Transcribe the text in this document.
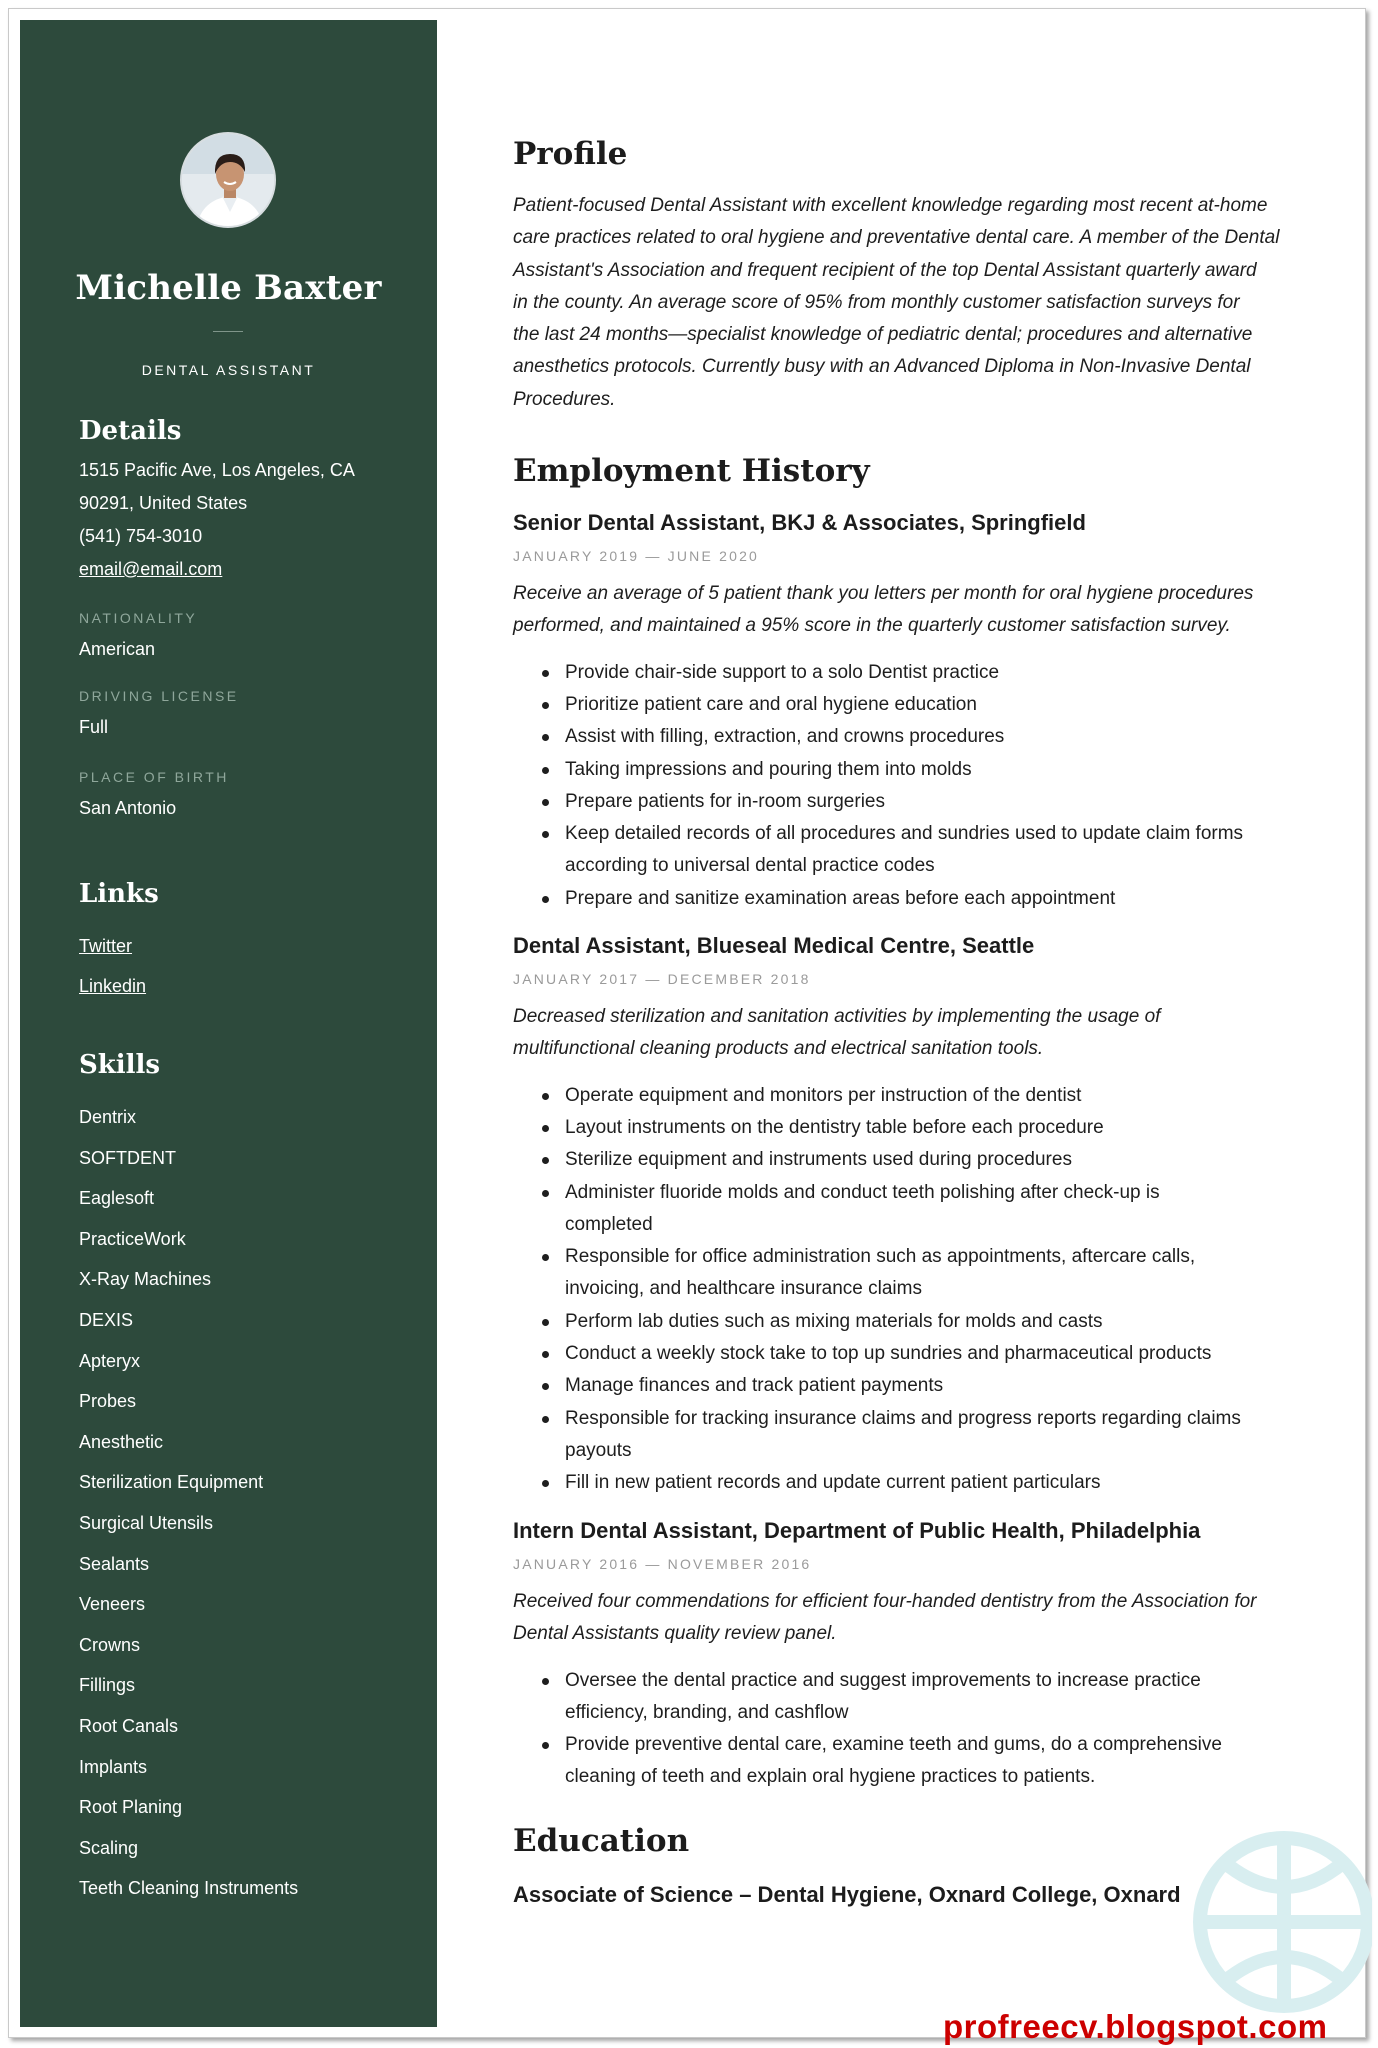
Michelle Baxter
DENTAL ASSISTANT
Details
1515 Pacific Ave, Los Angeles, CA
90291, United States
(541) 754-3010
email@email.com
NATIONALITY
American
DRIVING LICENSE
Full
PLACE OF BIRTH
San Antonio
Links
Twitter
Linkedin
Skills
Dentrix
SOFTDENT
Eaglesoft
PracticeWork
X-Ray Machines
DEXIS
Apteryx
Probes
Anesthetic
Sterilization Equipment
Surgical Utensils
Sealants
Veneers
Crowns
Fillings
Root Canals
Implants
Root Planing
Scaling
Teeth Cleaning Instruments
Profile
Patient-focused Dental Assistant with excellent knowledge regarding most recent at-home
care practices related to oral hygiene and preventative dental care. A member of the Dental
Assistant's Association and frequent recipient of the top Dental Assistant quarterly award
in the county. An average score of 95% from monthly customer satisfaction surveys for
the last 24 months—specialist knowledge of pediatric dental; procedures and alternative
anesthetics protocols. Currently busy with an Advanced Diploma in Non-Invasive Dental
Procedures.
Employment History
Senior Dental Assistant, BKJ & Associates, Springfield
JANUARY 2019 — JUNE 2020
Receive an average of 5 patient thank you letters per month for oral hygiene procedures
performed, and maintained a 95% score in the quarterly customer satisfaction survey.
Provide chair-side support to a solo Dentist practice
Prioritize patient care and oral hygiene education
Assist with filling, extraction, and crowns procedures
Taking impressions and pouring them into molds
Prepare patients for in-room surgeries
Keep detailed records of all procedures and sundries used to update claim forms
according to universal dental practice codes
Prepare and sanitize examination areas before each appointment
Dental Assistant, Blueseal Medical Centre, Seattle
JANUARY 2017 — DECEMBER 2018
Decreased sterilization and sanitation activities by implementing the usage of
multifunctional cleaning products and electrical sanitation tools.
Operate equipment and monitors per instruction of the dentist
Layout instruments on the dentistry table before each procedure
Sterilize equipment and instruments used during procedures
Administer fluoride molds and conduct teeth polishing after check-up is
completed
Responsible for office administration such as appointments, aftercare calls,
invoicing, and healthcare insurance claims
Perform lab duties such as mixing materials for molds and casts
Conduct a weekly stock take to top up sundries and pharmaceutical products
Manage finances and track patient payments
Responsible for tracking insurance claims and progress reports regarding claims
payouts
Fill in new patient records and update current patient particulars
Intern Dental Assistant, Department of Public Health, Philadelphia
JANUARY 2016 — NOVEMBER 2016
Received four commendations for efficient four-handed dentistry from the Association for
Dental Assistants quality review panel.
Oversee the dental practice and suggest improvements to increase practice
efficiency, branding, and cashflow
Provide preventive dental care, examine teeth and gums, do a comprehensive
cleaning of teeth and explain oral hygiene practices to patients.
Education
Associate of Science – Dental Hygiene, Oxnard College, Oxnard
profreecv.blogspot.com
